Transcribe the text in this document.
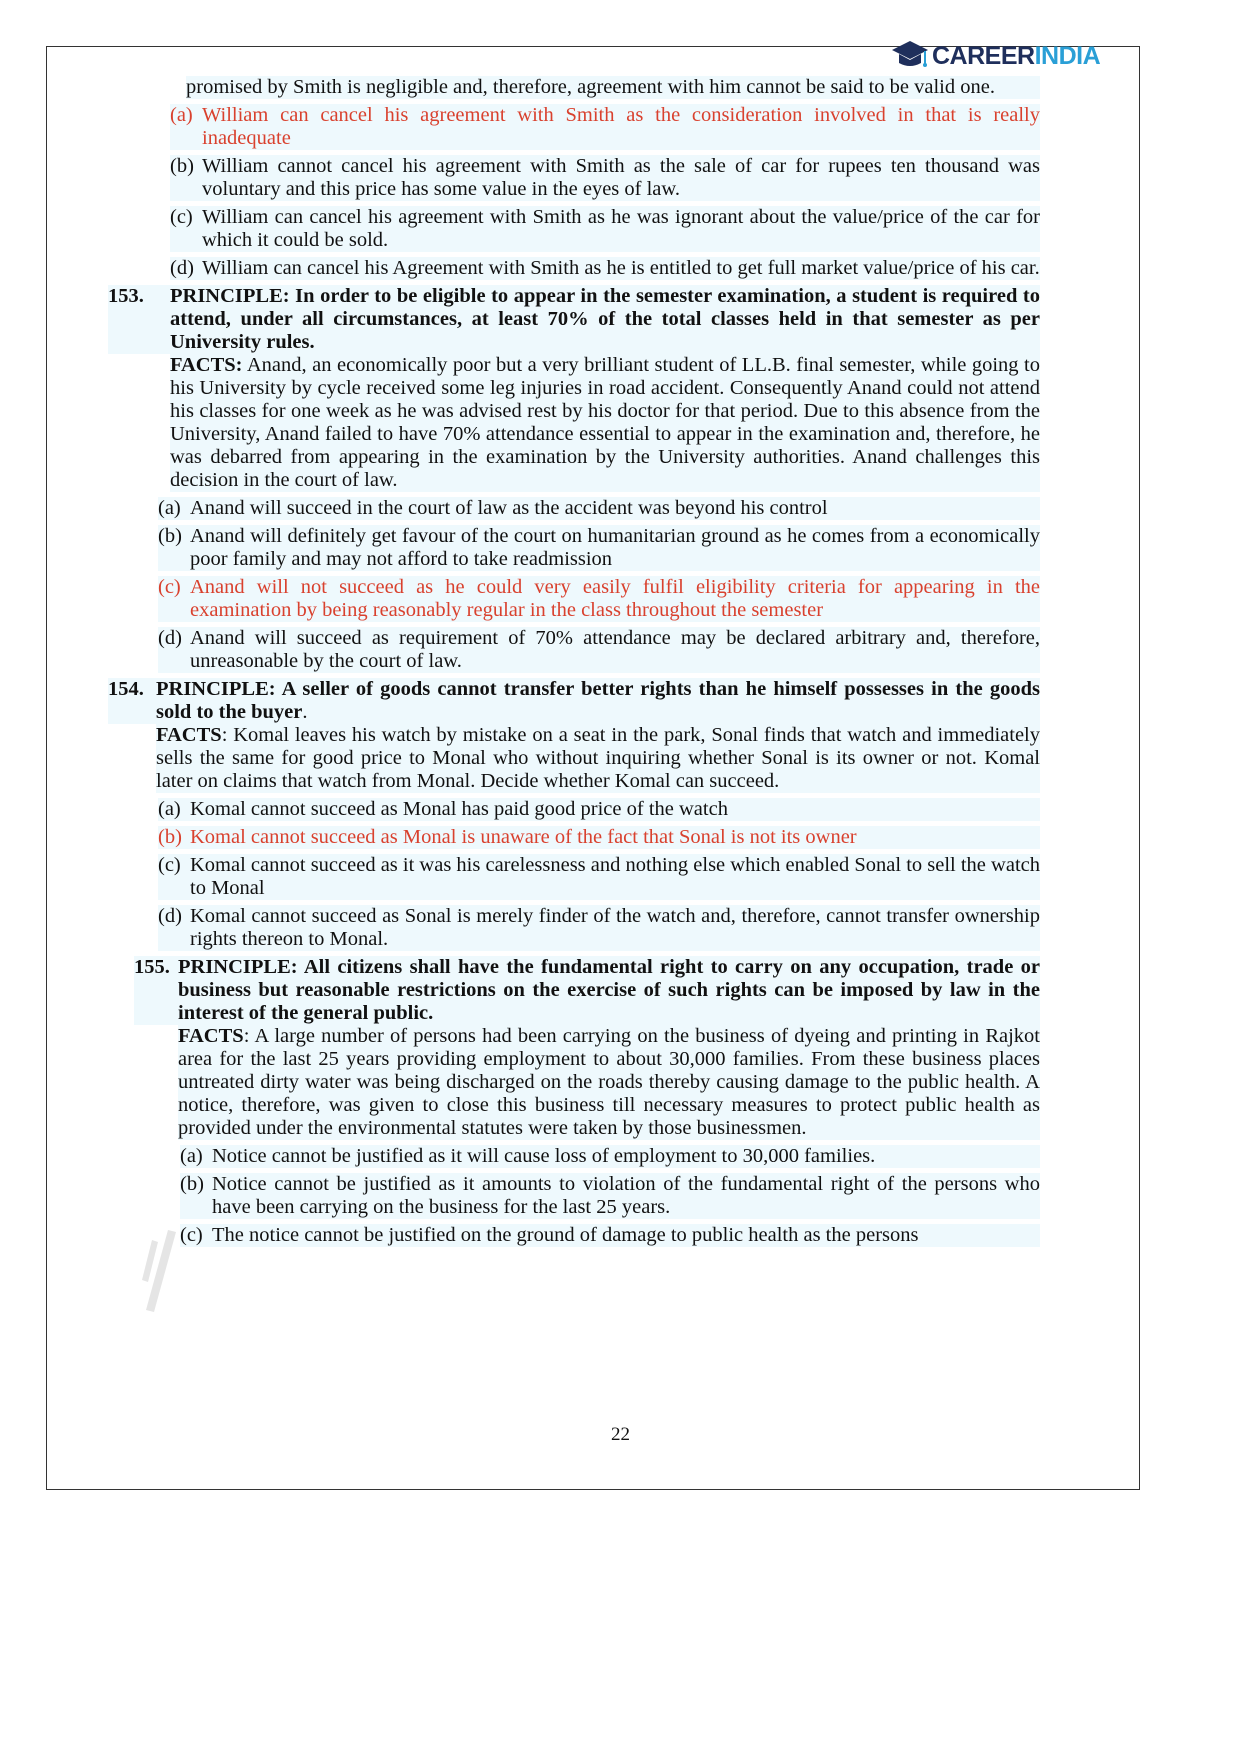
CAREERINDIA
promised by Smith is negligible and, therefore, agreement with him cannot be said to be valid one.
(a) William can cancel his agreement with Smith as the consideration involved in that is really inadequate
(b) William cannot cancel his agreement with Smith as the sale of car for rupees ten thousand was voluntary and this price has some value in the eyes of law.
(c) William can cancel his agreement with Smith as he was ignorant about the value/price of the car for which it could be sold.
(d) William can cancel his Agreement with Smith as he is entitled to get full market value/price of his car.
153.	PRINCIPLE: In order to be eligible to appear in the semester examination, a student is required to attend, under all circumstances, at least 70% of the total classes held in that semester as per University rules.
FACTS: Anand, an economically poor but a very brilliant student of LL.B. final semester, while going to his University by cycle received some leg injuries in road accident. Consequently Anand could not attend his classes for one week as he was advised rest by his doctor for that period. Due to this absence from the University, Anand failed to have 70% attendance essential to appear in the examination and, therefore, he was debarred from appearing in the examination by the University authorities. Anand challenges this decision in the court of law.
(a) Anand will succeed in the court of law as the accident was beyond his control
(b) Anand will definitely get favour of the court on humanitarian ground as he comes from a economically poor family and may not afford to take readmission
(c) Anand will not succeed as he could very easily fulfil eligibility criteria for appearing in the examination by being reasonably regular in the class throughout the semester
(d) Anand will succeed as requirement of 70% attendance may be declared arbitrary and, therefore, unreasonable by the court of law.
154. PRINCIPLE: A seller of goods cannot transfer better rights than he himself possesses in the goods sold to the buyer.
FACTS: Komal leaves his watch by mistake on a seat in the park, Sonal finds that watch and immediately sells the same for good price to Monal who without inquiring whether Sonal is its owner or not. Komal later on claims that watch from Monal. Decide whether Komal can succeed.
(a) Komal cannot succeed as Monal has paid good price of the watch
(b) Komal cannot succeed as Monal is unaware of the fact that Sonal is not its owner
(c) Komal cannot succeed as it was his carelessness and nothing else which enabled Sonal to sell the watch to Monal
(d) Komal cannot succeed as Sonal is merely finder of the watch and, therefore, cannot transfer ownership rights thereon to Monal.
155. PRINCIPLE: All citizens shall have the fundamental right to carry on any occupation, trade or business but reasonable restrictions on the exercise of such rights can be imposed by law in the interest of the general public.
FACTS: A large number of persons had been carrying on the business of dyeing and printing in Rajkot area for the last 25 years providing employment to about 30,000 families. From these business places untreated dirty water was being discharged on the roads thereby causing damage to the public health. A notice, therefore, was given to close this business till necessary measures to protect public health as provided under the environmental statutes were taken by those businessmen.
(a) Notice cannot be justified as it will cause loss of employment to 30,000 families.
(b) Notice cannot be justified as it amounts to violation of the fundamental right of the persons who have been carrying on the business for the last 25 years.
(c) The notice cannot be justified on the ground of damage to public health as the persons
22
